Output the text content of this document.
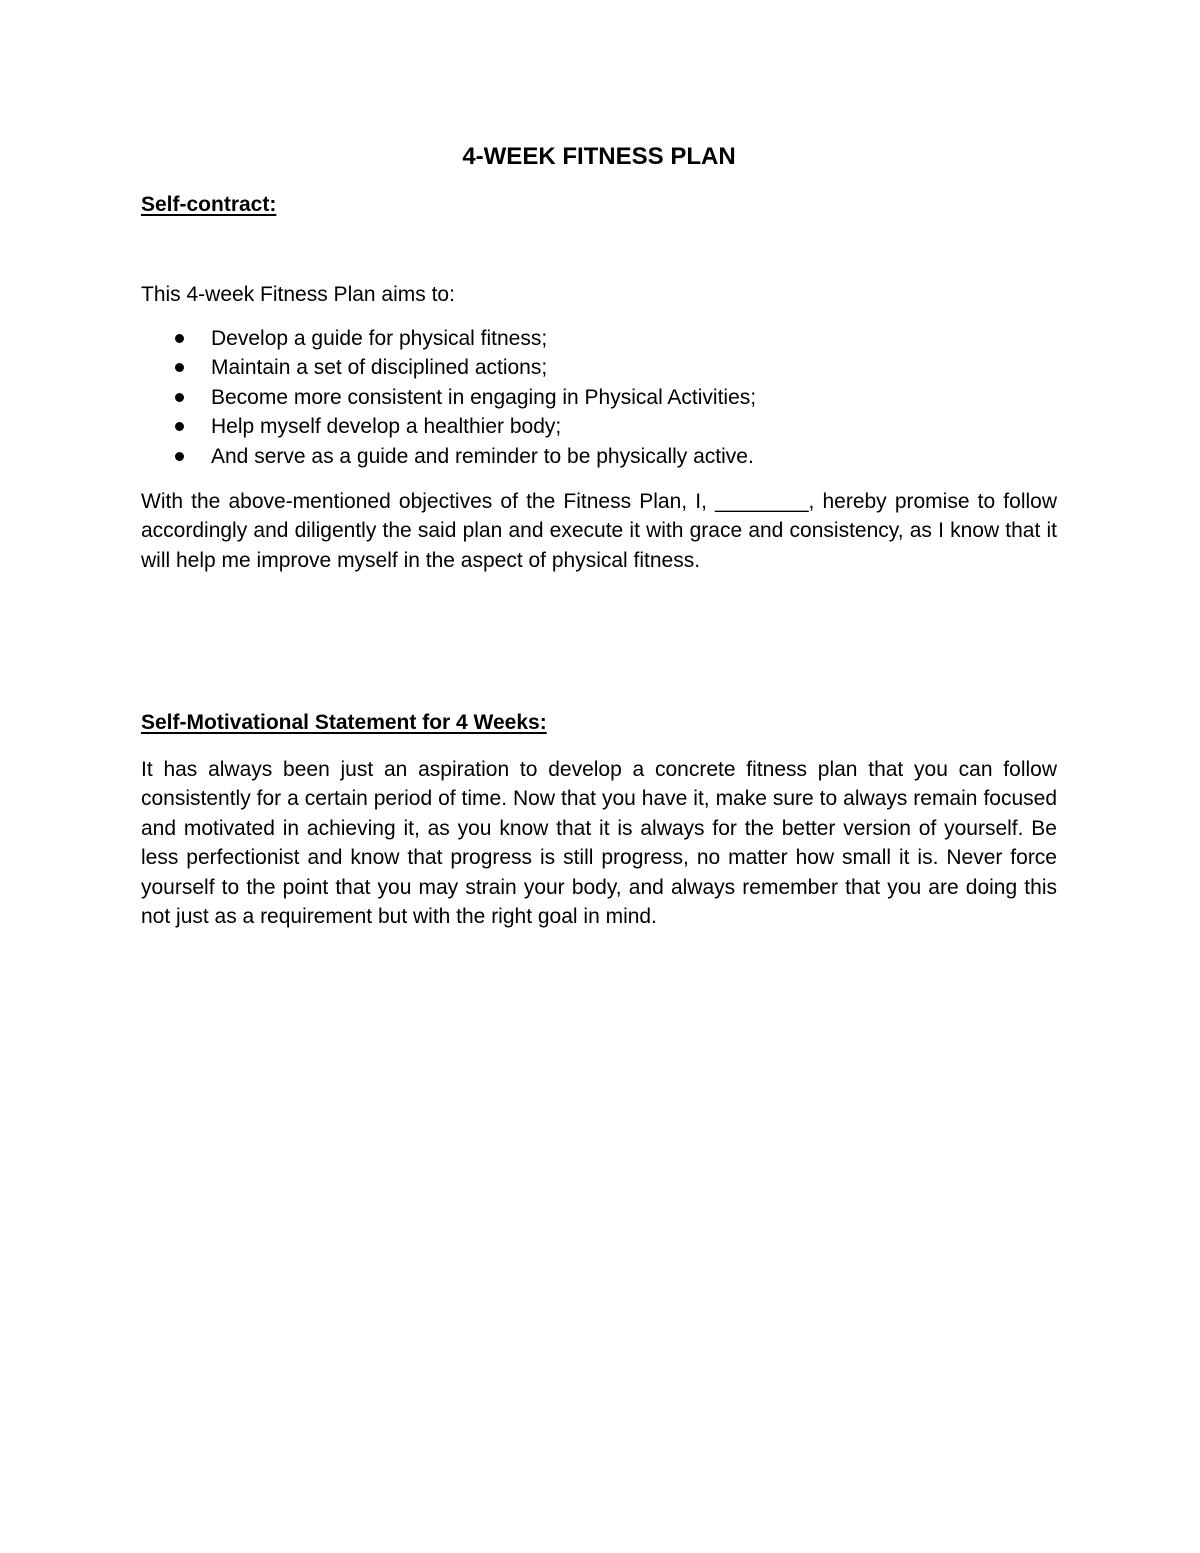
4-WEEK FITNESS PLAN
Self-contract:

This 4-week Fitness Plan aims to:

Develop a guide for physical fitness;
Maintain a set of disciplined actions;
Become more consistent in engaging in Physical Activities;
Help myself develop a healthier body;
And serve as a guide and reminder to be physically active.

With the above-mentioned objectives of the Fitness Plan, I, ________, hereby promise to follow accordingly and diligently the said plan and execute it with grace and consistency, as I know that it will help me improve myself in the aspect of physical fitness.

Self-Motivational Statement for 4 Weeks:

It has always been just an aspiration to develop a concrete fitness plan that you can follow consistently for a certain period of time. Now that you have it, make sure to always remain focused and motivated in achieving it, as you know that it is always for the better version of yourself. Be less perfectionist and know that progress is still progress, no matter how small it is. Never force yourself to the point that you may strain your body, and always remember that you are doing this not just as a requirement but with the right goal in mind.
